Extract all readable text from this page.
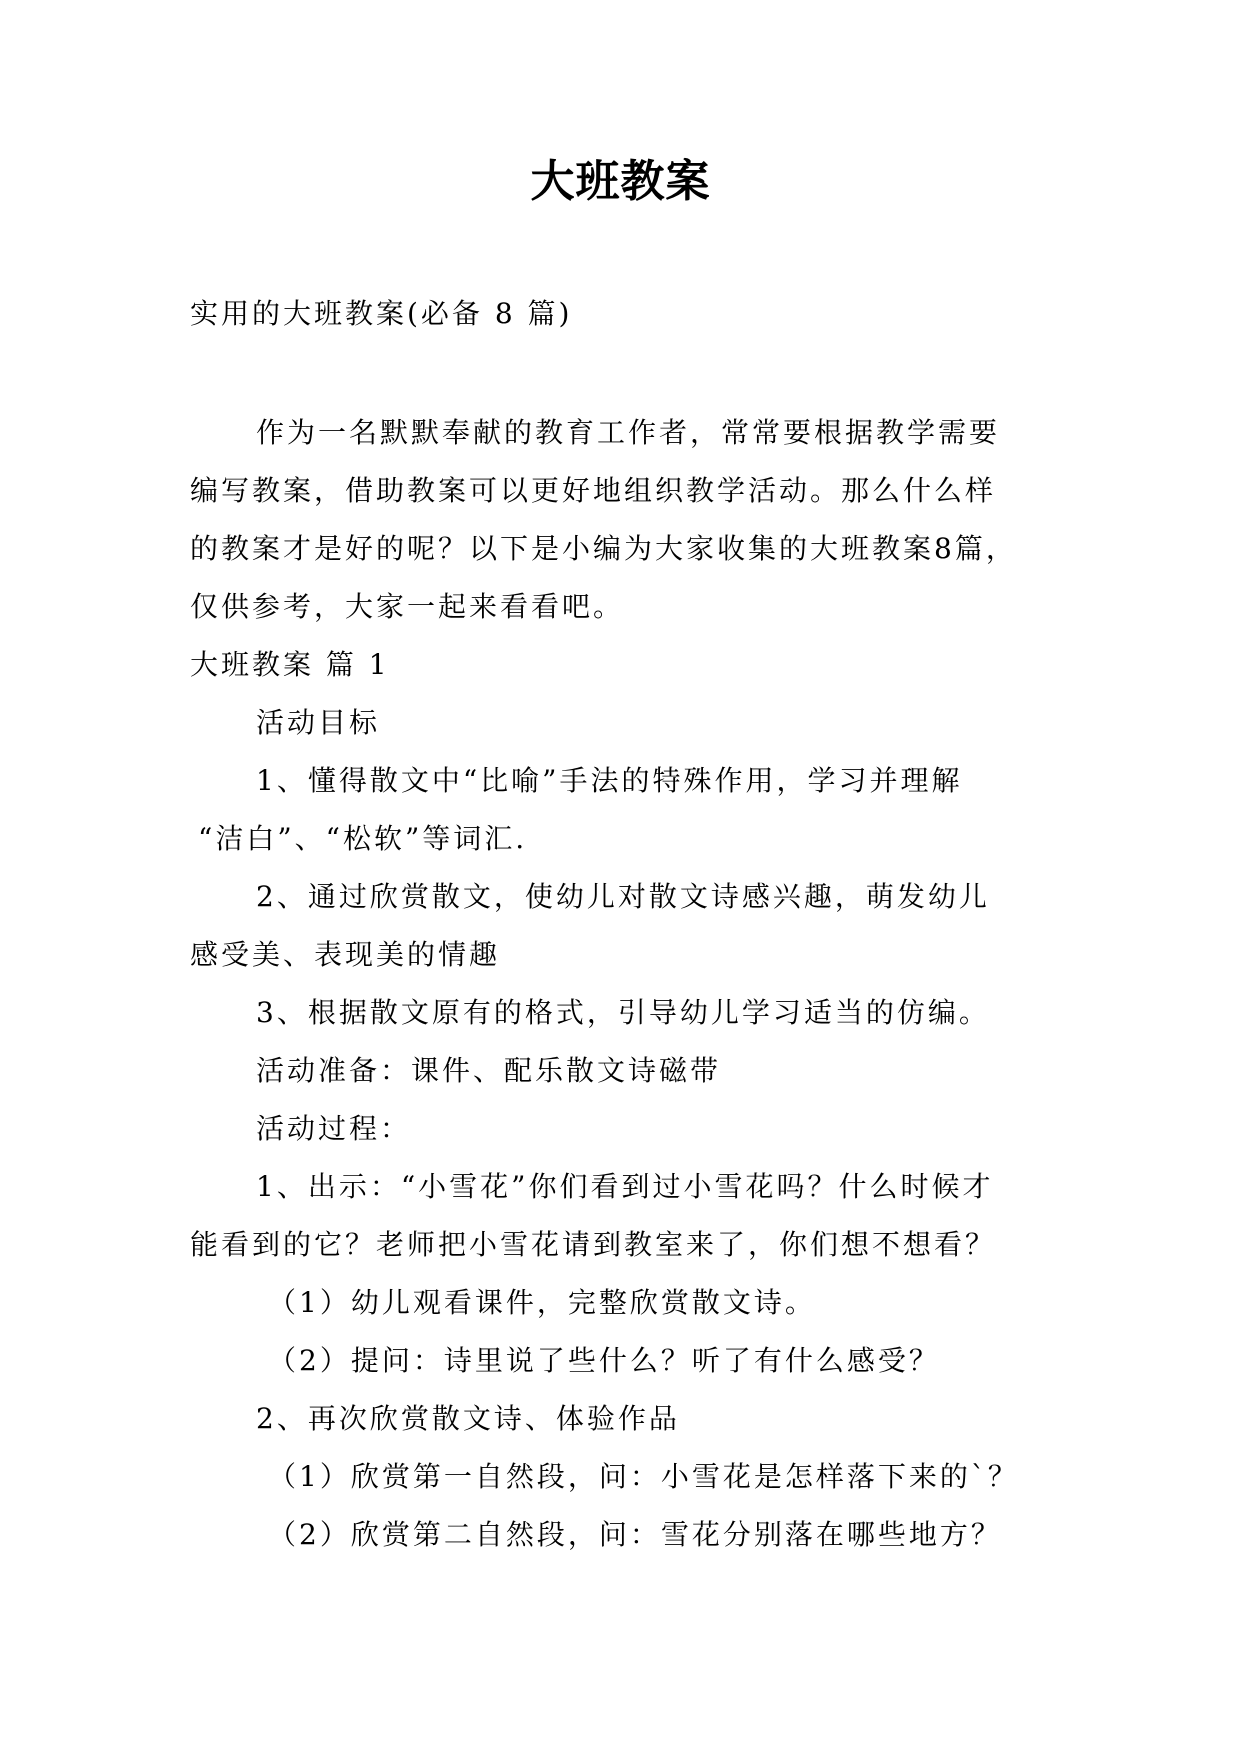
大班教案
实用的大班教案(必备 8 篇)
作为一名默默奉献的教育工作者，常常要根据教学需要
编写教案，借助教案可以更好地组织教学活动。那么什么样
的教案才是好的呢？以下是小编为大家收集的大班教案8篇，
仅供参考，大家一起来看看吧。
大班教案 篇 1
活动目标
1、懂得散文中“比喻”手法的特殊作用，学习并理解
“洁白”、“松软”等词汇.
2、通过欣赏散文，使幼儿对散文诗感兴趣，萌发幼儿
感受美、表现美的情趣
3、根据散文原有的格式，引导幼儿学习适当的仿编。
活动准备：课件、配乐散文诗磁带
活动过程：
1、出示：“小雪花”你们看到过小雪花吗？什么时候才
能看到的它？老师把小雪花请到教室来了，你们想不想看？
（1）幼儿观看课件，完整欣赏散文诗。
（2）提问：诗里说了些什么？听了有什么感受？
2、再次欣赏散文诗、体验作品
（1）欣赏第一自然段，问：小雪花是怎样落下来的`？
（2）欣赏第二自然段，问：雪花分别落在哪些地方？
